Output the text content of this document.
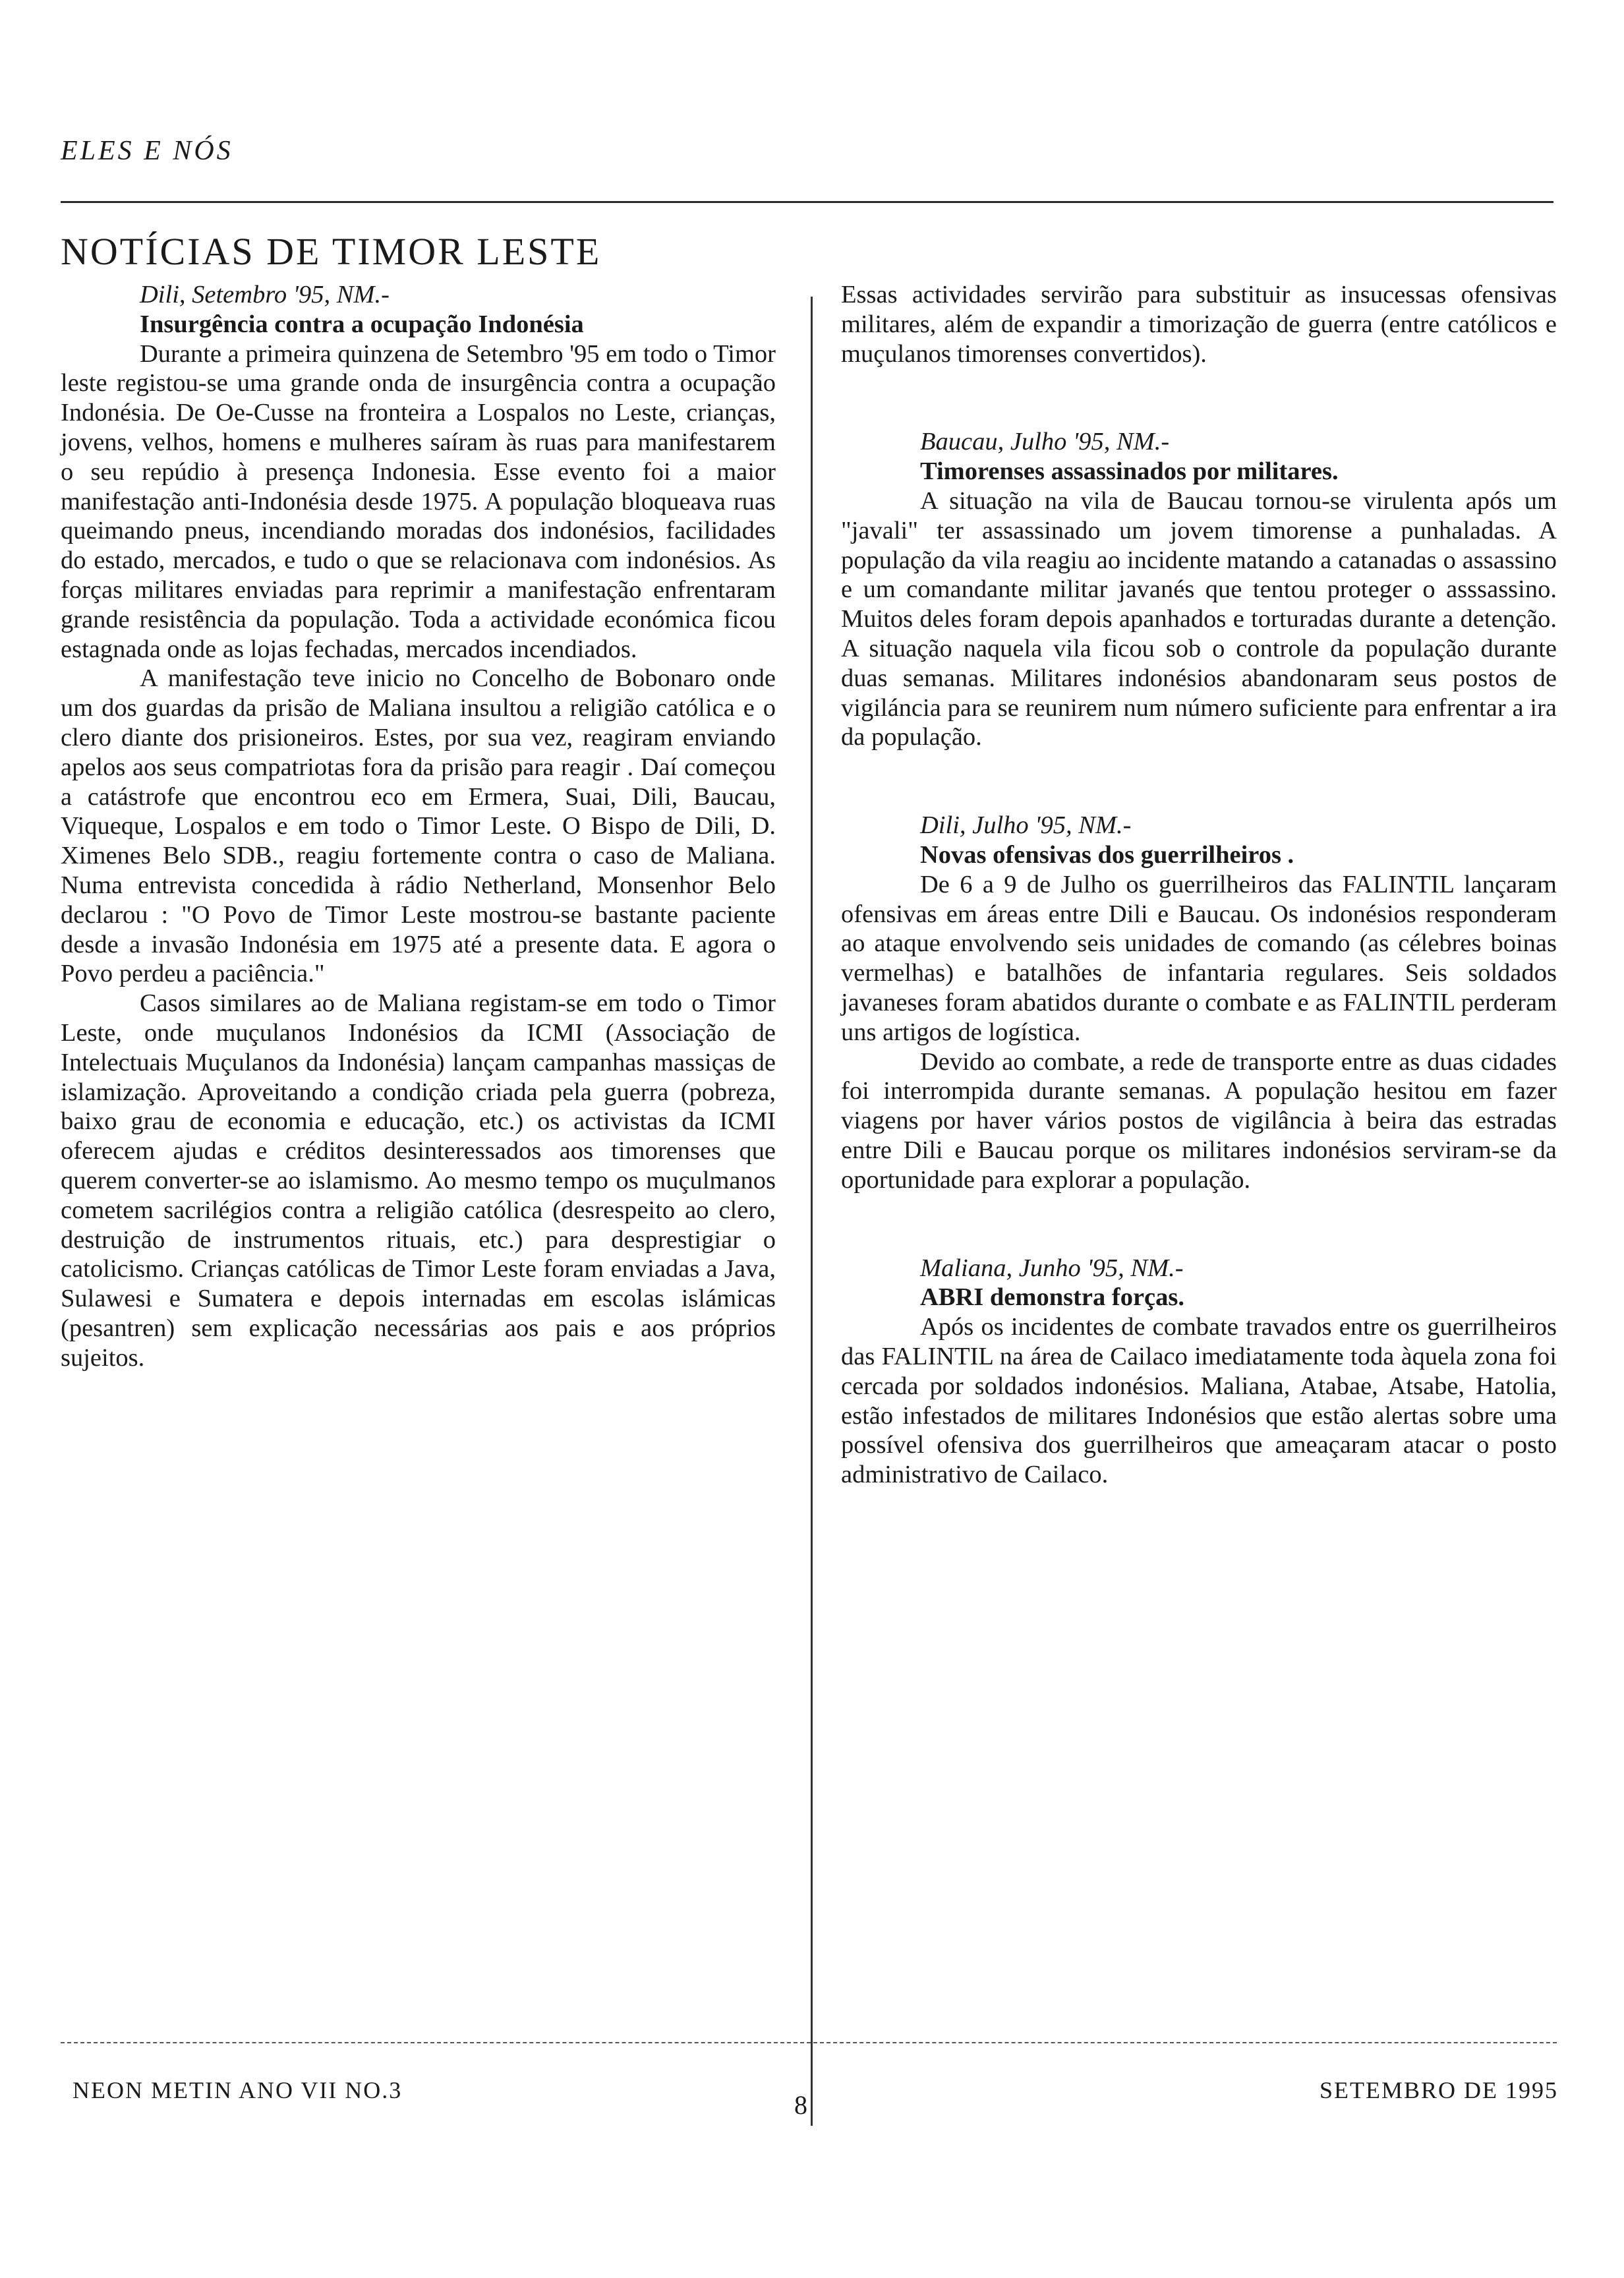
ELES E NÓS
NOTÍCIAS DE TIMOR LESTE

Dili, Setembro '95, NM.-

Insurgência contra a ocupação Indonésia

Durante a primeira quinzena de Setembro '95 em todo o Timor leste registou-se uma grande onda de insurgência contra a ocupação Indonésia. De Oe-Cusse na fronteira a Lospalos no Leste, crianças, jovens, velhos, homens e mulheres saíram às ruas para manifestarem o seu repúdio à presença Indonesia. Esse evento foi a maior manifestação anti-Indonésia desde 1975. A população bloqueava ruas queimando pneus, incendiando moradas dos indonésios, facilidades do estado, mercados, e tudo o que se relacionava com indonésios. As forças militares enviadas para reprimir a manifestação enfrentaram grande resistência da população. Toda a actividade económica ficou estagnada onde as lojas fechadas, mercados incendiados.

A manifestação teve inicio no Concelho de Bobonaro onde um dos guardas da prisão de Maliana insultou a religião católica e o clero diante dos prisioneiros. Estes, por sua vez, reagiram enviando apelos aos seus compatriotas fora da prisão para reagir . Daí começou a catástrofe que encontrou eco em Ermera, Suai, Dili, Baucau, Viqueque, Lospalos e em todo o Timor Leste. O Bispo de Dili, D. Ximenes Belo SDB., reagiu fortemente contra o caso de Maliana. Numa entrevista concedida à rádio Netherland, Monsenhor Belo declarou : "O Povo de Timor Leste mostrou-se bastante paciente desde a invasão Indonésia em 1975 até a presente data. E agora o Povo perdeu a paciência."

Casos similares ao de Maliana registam-se em todo o Timor Leste, onde muçulanos Indonésios da ICMI (Associação de Intelectuais Muçulanos da Indonésia) lançam campanhas massiças de islamização. Aproveitando a condição criada pela guerra (pobreza, baixo grau de economia e educação, etc.) os activistas da ICMI oferecem ajudas e créditos desinteressados aos timorenses que querem converter-se ao islamismo. Ao mesmo tempo os muçulmanos cometem sacrilégios contra a religião católica (desrespeito ao clero, destruição de instrumentos rituais, etc.) para desprestigiar o catolicismo. Crianças católicas de Timor Leste foram enviadas a Java, Sulawesi e Sumatera e depois internadas em escolas islámicas (pesantren) sem explicação necessárias aos pais e aos próprios sujeitos.

Essas actividades servirão para substituir as insucessas ofensivas militares, além de expandir a timorização de guerra (entre católicos e muçulanos timorenses convertidos).

Baucau, Julho '95, NM.-

Timorenses assassinados por militares.

A situação na vila de Baucau tornou-se virulenta após um "javali" ter assassinado um jovem timorense a punhaladas. A população da vila reagiu ao incidente matando a catanadas o assassino e um comandante militar javanés que tentou proteger o asssassino. Muitos deles foram depois apanhados e torturadas durante a detenção. A situação naquela vila ficou sob o controle da população durante duas semanas. Militares indonésios abandonaram seus postos de vigiláncia para se reunirem num número suficiente para enfrentar a ira da população.

Dili, Julho '95, NM.-

Novas ofensivas dos guerrilheiros .

De 6 a 9 de Julho os guerrilheiros das FALINTIL lançaram ofensivas em áreas entre Dili e Baucau. Os indonésios responderam ao ataque envolvendo seis unidades de comando (as célebres boinas vermelhas) e batalhões de infantaria regulares. Seis soldados javaneses foram abatidos durante o combate e as FALINTIL perderam uns artigos de logística.

Devido ao combate, a rede de transporte entre as duas cidades foi interrompida durante semanas. A população hesitou em fazer viagens por haver vários postos de vigilância à beira das estradas entre Dili e Baucau porque os militares indonésios serviram-se da oportunidade para explorar a população.

Maliana, Junho '95, NM.-

ABRI demonstra forças.

Após os incidentes de combate travados entre os guerrilheiros das FALINTIL na área de Cailaco imediatamente toda àquela zona foi cercada por soldados indonésios. Maliana, Atabae, Atsabe, Hatolia, estão infestados de militares Indonésios que estão alertas sobre uma possível ofensiva dos guerrilheiros que ameaçaram atacar o posto administrativo de Cailaco.

NEON METIN ANO VII NO.3	8	SETEMBRO DE 1995
